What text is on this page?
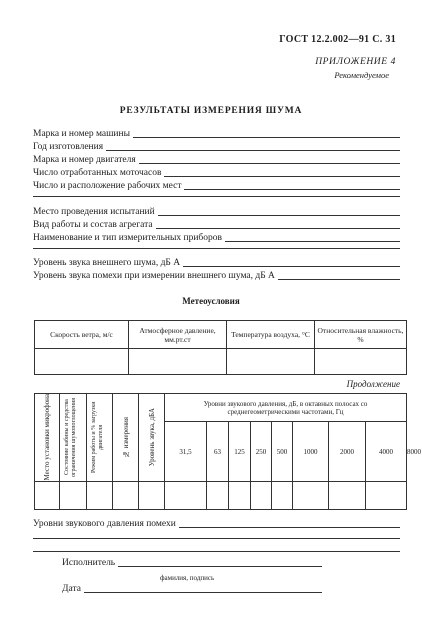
ГОСТ 12.2.002—91 С. 31
ПРИЛОЖЕНИЕ 4
Рекомендуемое
РЕЗУЛЬТАТЫ ИЗМЕРЕНИЯ ШУМА
Марка и номер машины
Год изготовления
Марка и номер двигателя
Число отработанных моточасов
Число и расположение рабочих мест
Место проведения испытаний
Вид работы и состав агрегата
Наименование и тип измерительных приборов
Уровень звука внешнего шума, дБ А
Уровень звука помехи при измерении внешнего шума, дБ А
Метеоусловия
Скорость ветра, м/с	Атмосферное давление, мм.рт.ст	Температура воздуха, °С	Относительная влажность, %

Продолжение
Место установки микрофона	Состояние кабины и средства ограничения шумопоглощения	Режим работы и % загрузки двигателя	№ измерения	Уровень звука, дБА	Уровни звукового давления, дБ, в октавных полосах со среднегеометрическими частотами, Гц								
					31,5	63	125	250	500	1000	2000	4000	8000

Уровни звукового давления помехи
Исполнитель
фамилия, подпись
Дата
